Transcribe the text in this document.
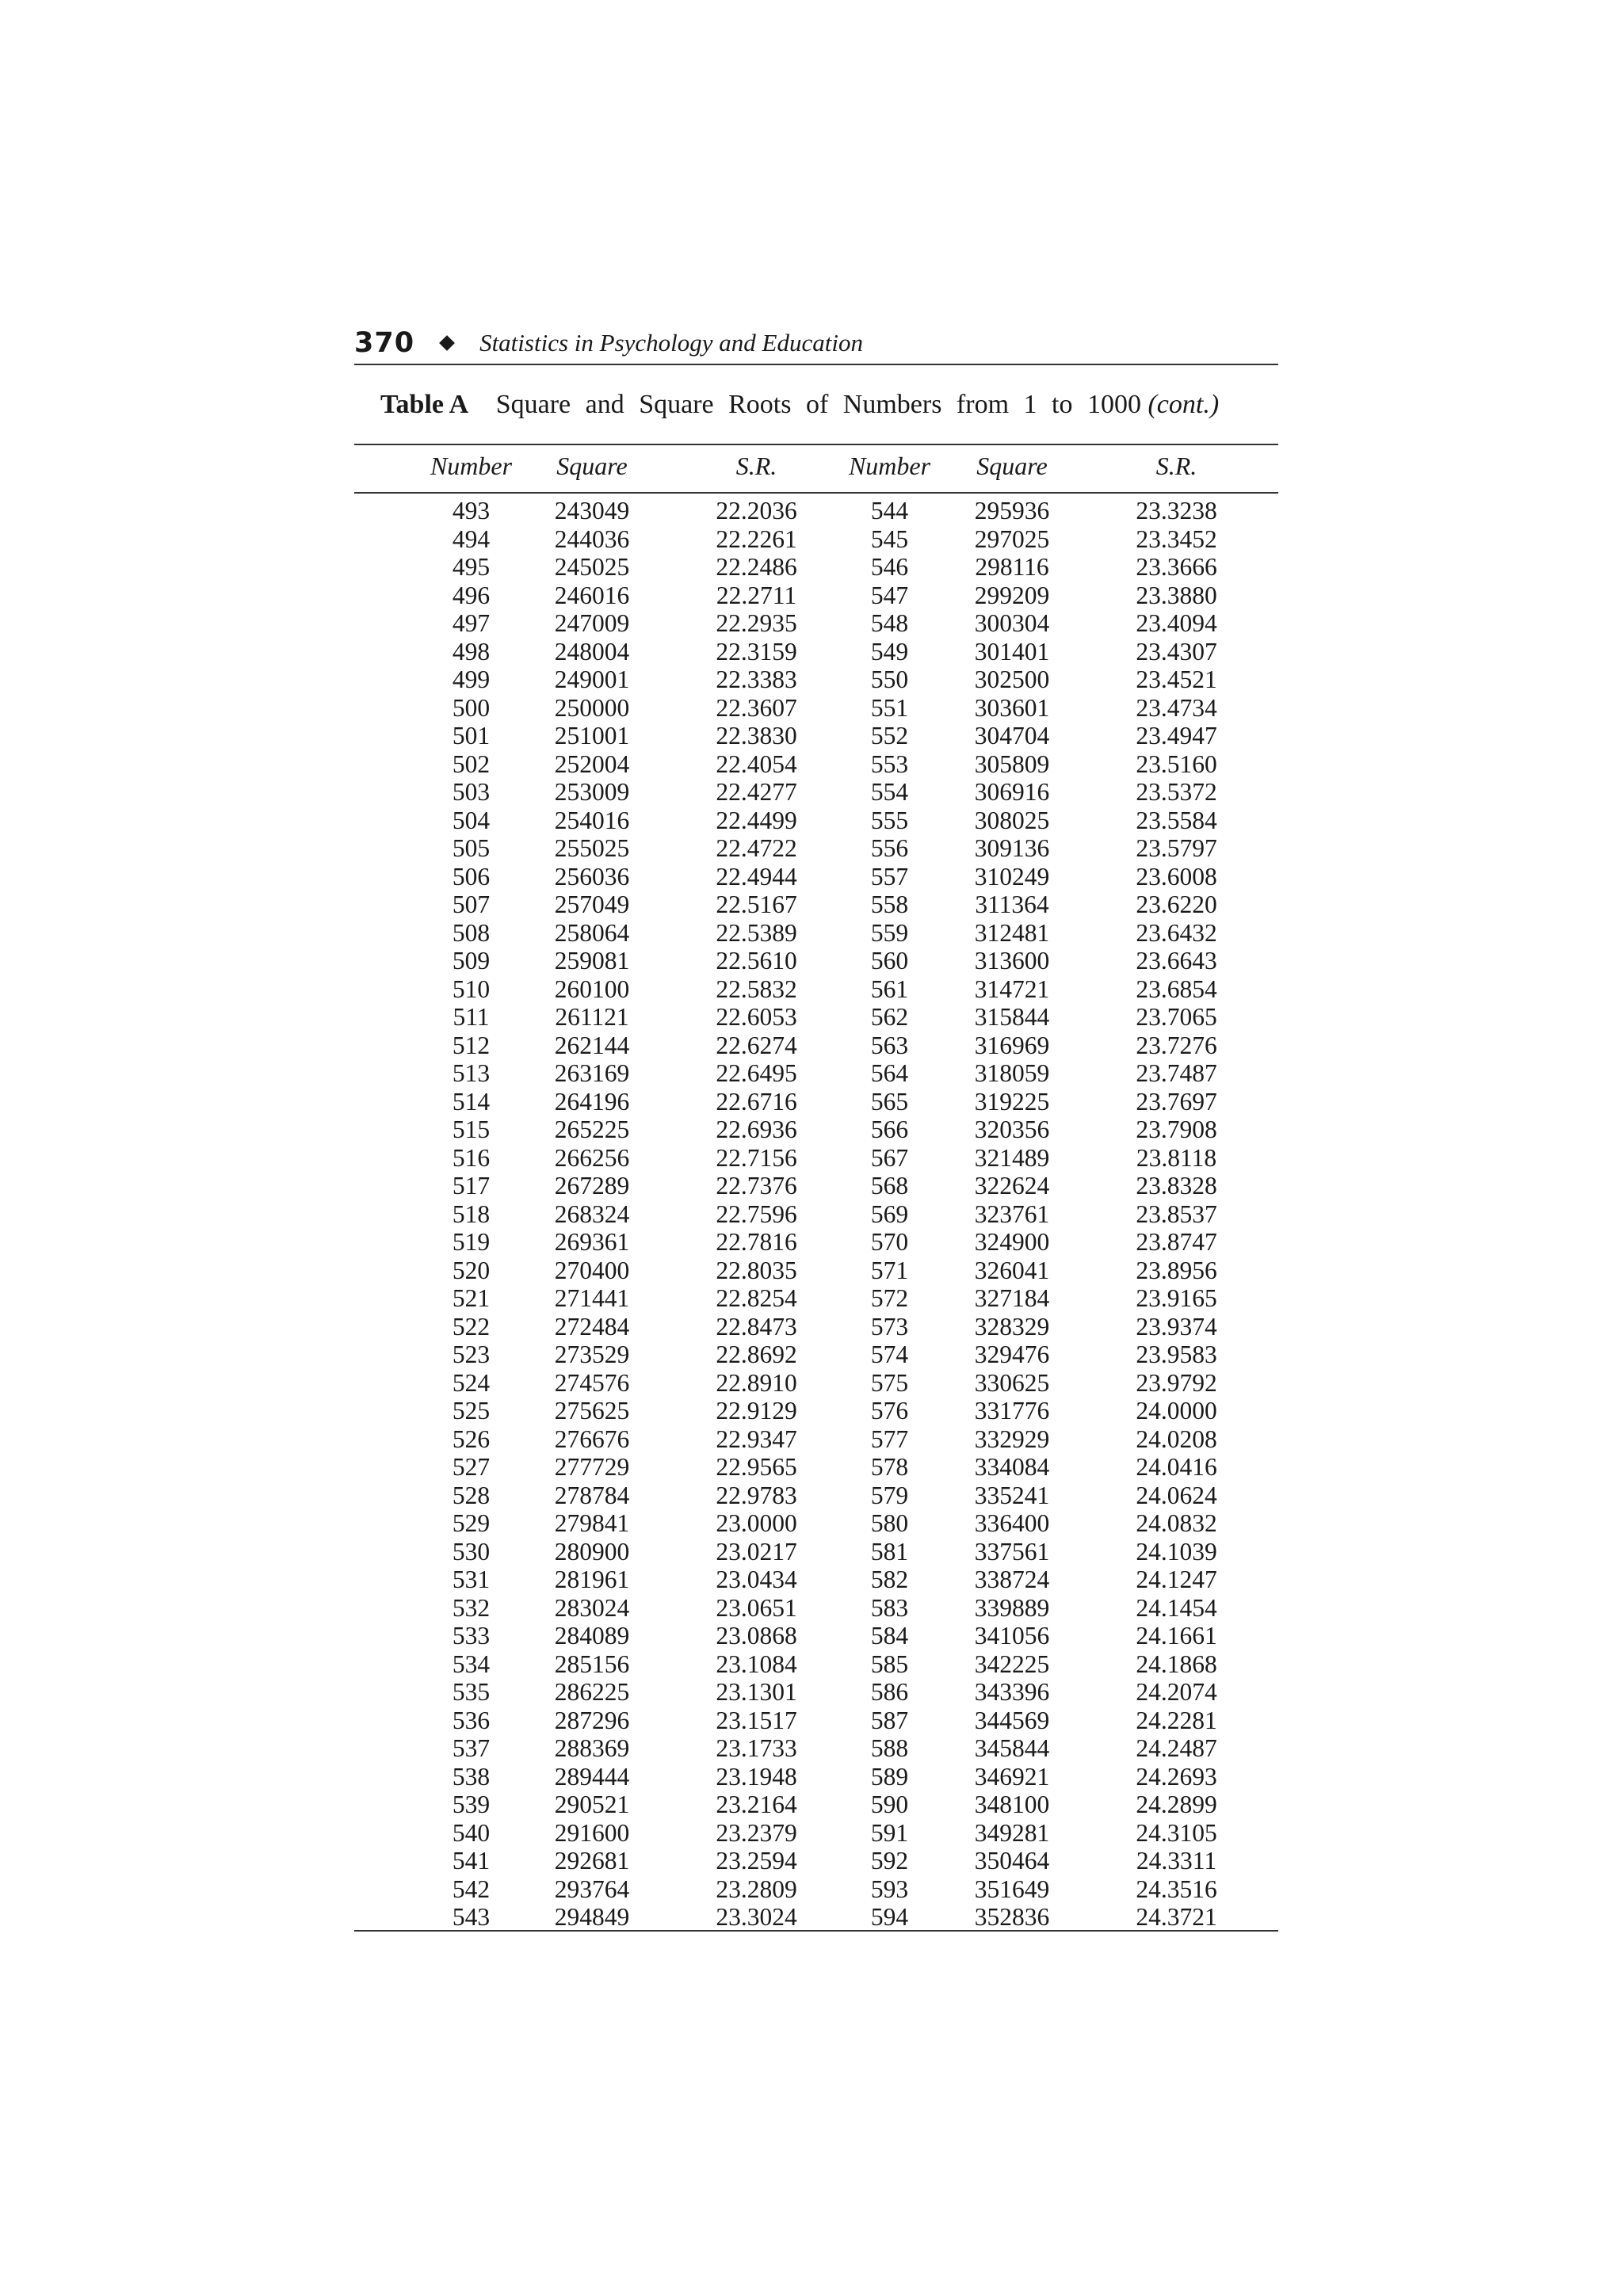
370	Statistics in Psychology and Education
Table A Square and Square Roots of Numbers from 1 to 1000 (cont.)
Number	Square	S.R.	Number	Square	S.R.
493	243049	22.2036	544	295936	23.3238
494	244036	22.2261	545	297025	23.3452
495	245025	22.2486	546	298116	23.3666
496	246016	22.2711	547	299209	23.3880
497	247009	22.2935	548	300304	23.4094
498	248004	22.3159	549	301401	23.4307
499	249001	22.3383	550	302500	23.4521
500	250000	22.3607	551	303601	23.4734
501	251001	22.3830	552	304704	23.4947
502	252004	22.4054	553	305809	23.5160
503	253009	22.4277	554	306916	23.5372
504	254016	22.4499	555	308025	23.5584
505	255025	22.4722	556	309136	23.5797
506	256036	22.4944	557	310249	23.6008
507	257049	22.5167	558	311364	23.6220
508	258064	22.5389	559	312481	23.6432
509	259081	22.5610	560	313600	23.6643
510	260100	22.5832	561	314721	23.6854
511	261121	22.6053	562	315844	23.7065
512	262144	22.6274	563	316969	23.7276
513	263169	22.6495	564	318059	23.7487
514	264196	22.6716	565	319225	23.7697
515	265225	22.6936	566	320356	23.7908
516	266256	22.7156	567	321489	23.8118
517	267289	22.7376	568	322624	23.8328
518	268324	22.7596	569	323761	23.8537
519	269361	22.7816	570	324900	23.8747
520	270400	22.8035	571	326041	23.8956
521	271441	22.8254	572	327184	23.9165
522	272484	22.8473	573	328329	23.9374
523	273529	22.8692	574	329476	23.9583
524	274576	22.8910	575	330625	23.9792
525	275625	22.9129	576	331776	24.0000
526	276676	22.9347	577	332929	24.0208
527	277729	22.9565	578	334084	24.0416
528	278784	22.9783	579	335241	24.0624
529	279841	23.0000	580	336400	24.0832
530	280900	23.0217	581	337561	24.1039
531	281961	23.0434	582	338724	24.1247
532	283024	23.0651	583	339889	24.1454
533	284089	23.0868	584	341056	24.1661
534	285156	23.1084	585	342225	24.1868
535	286225	23.1301	586	343396	24.2074
536	287296	23.1517	587	344569	24.2281
537	288369	23.1733	588	345844	24.2487
538	289444	23.1948	589	346921	24.2693
539	290521	23.2164	590	348100	24.2899
540	291600	23.2379	591	349281	24.3105
541	292681	23.2594	592	350464	24.3311
542	293764	23.2809	593	351649	24.3516
543	294849	23.3024	594	352836	24.3721
